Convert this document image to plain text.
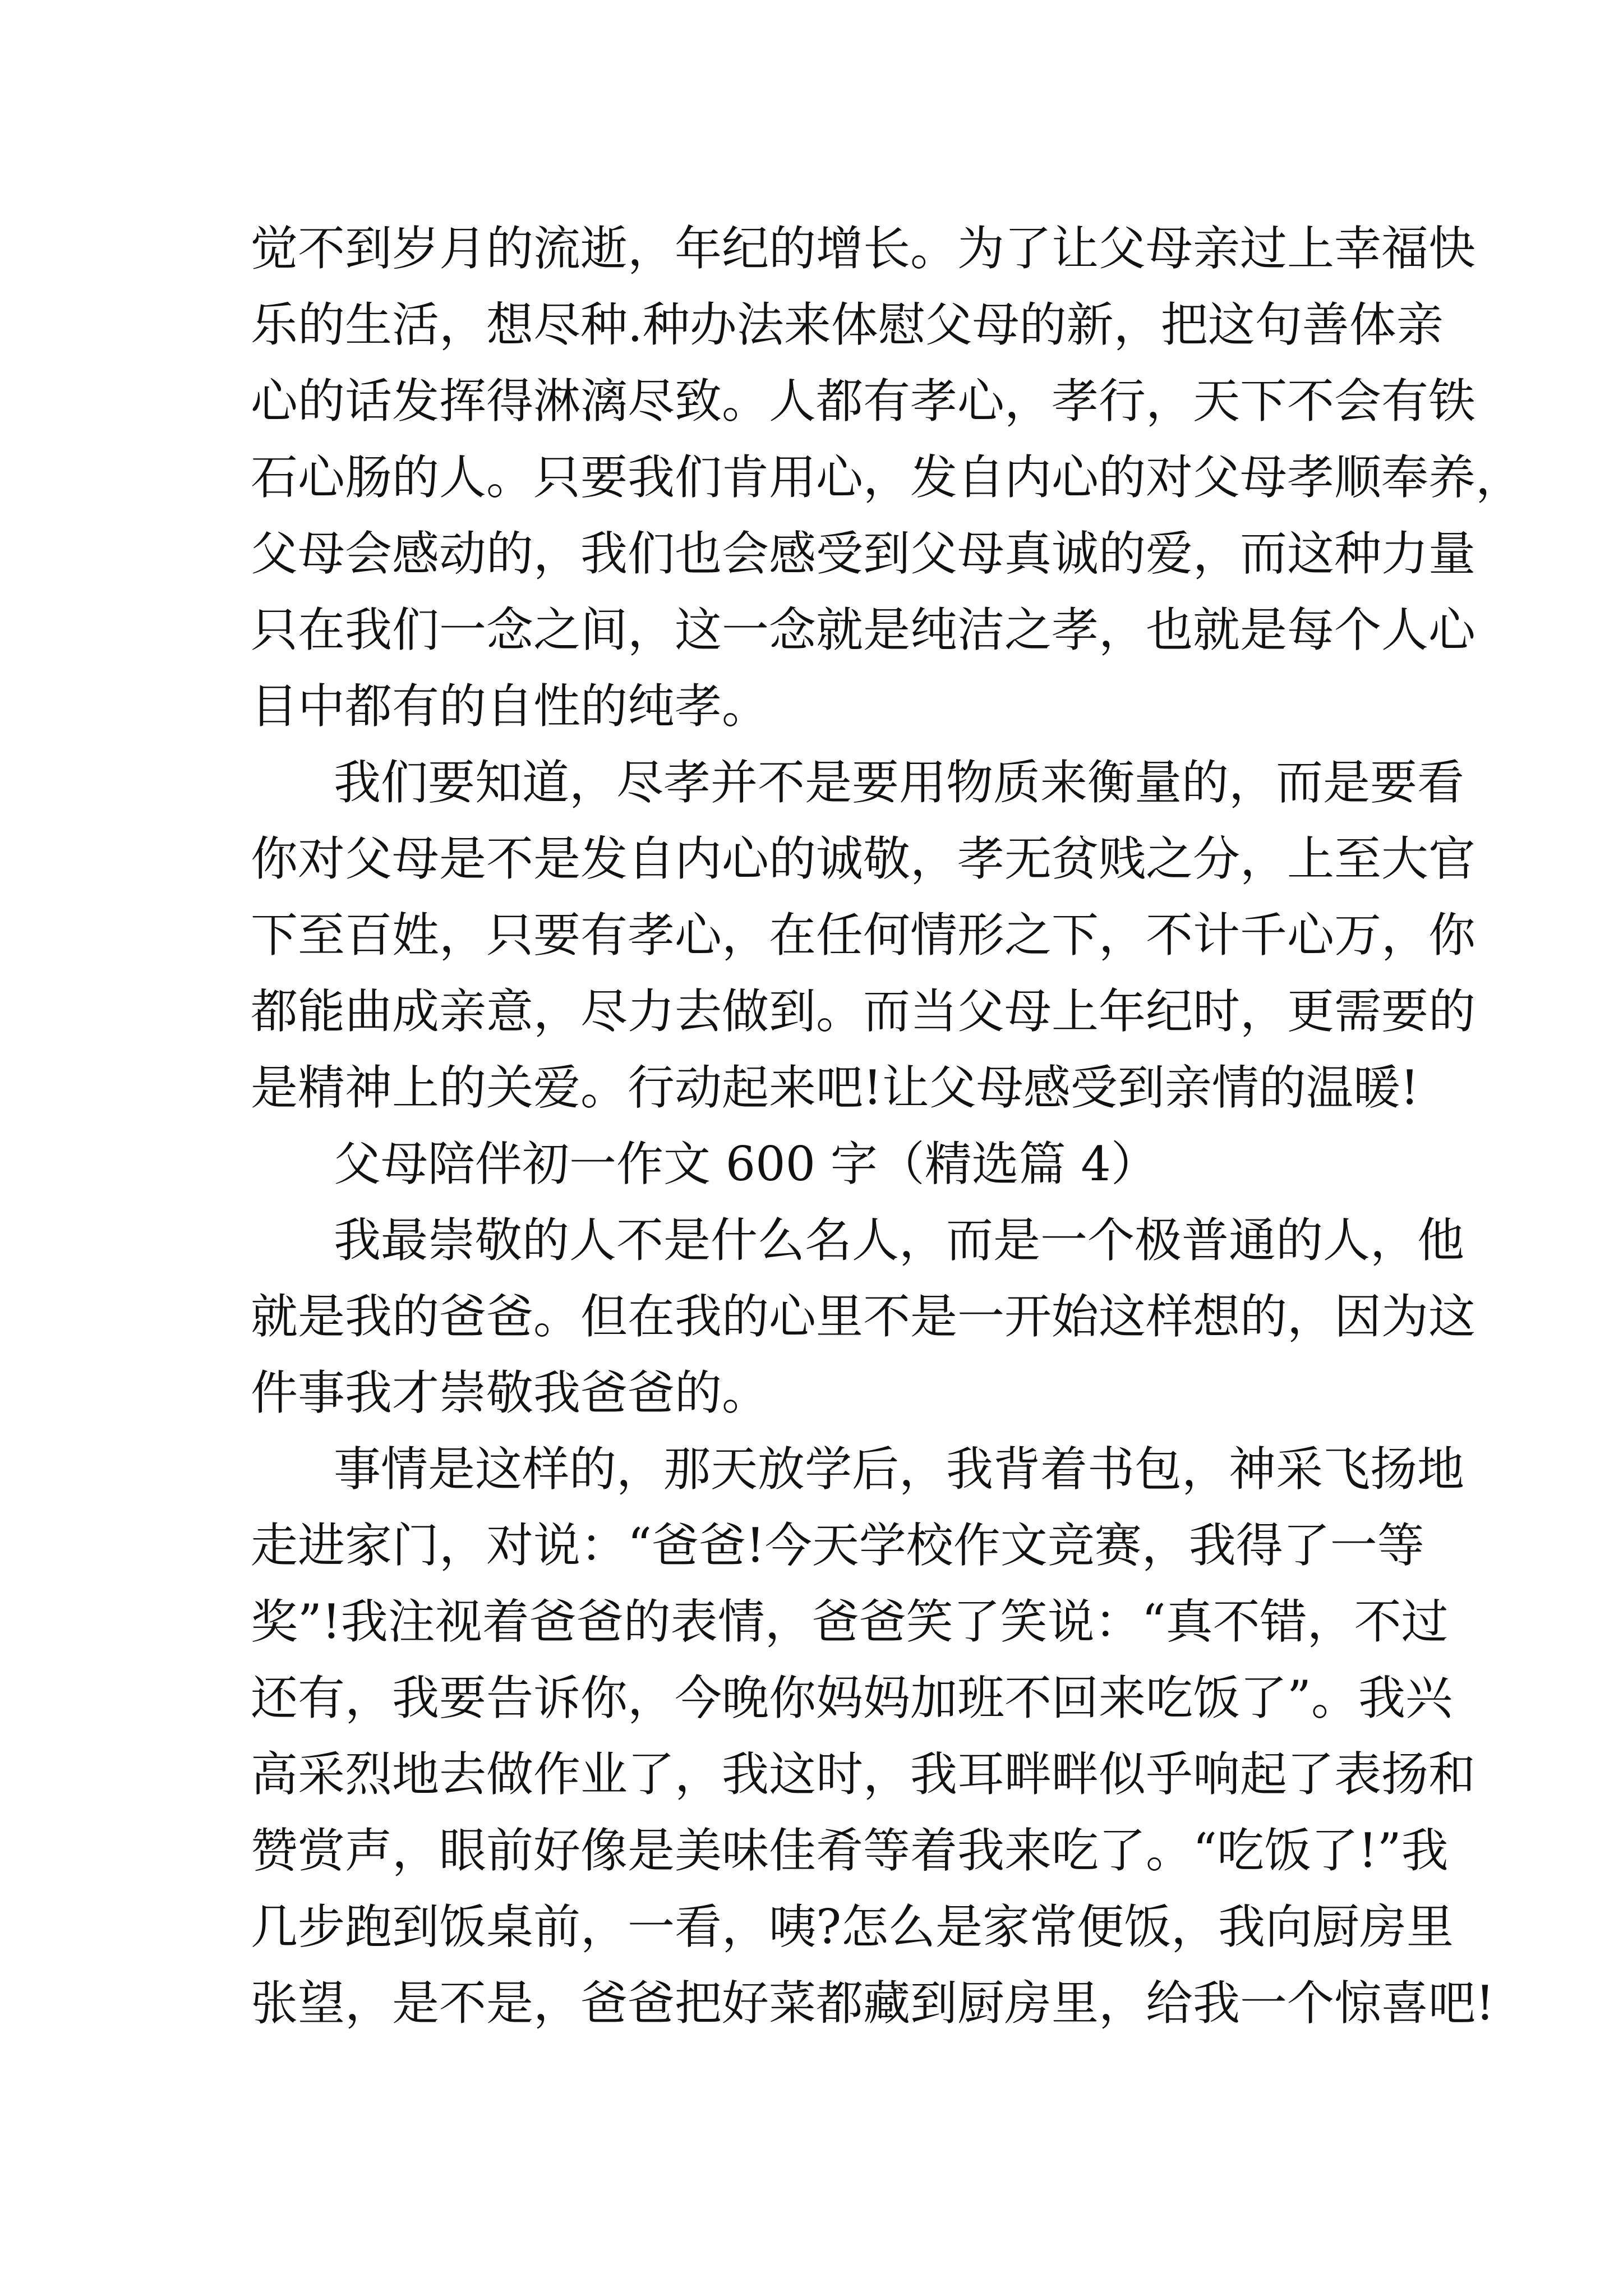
觉不到岁月的流逝，年纪的增长。为了让父母亲过上幸福快
乐的生活，想尽种.种办法来体慰父母的新，把这句善体亲
心的话发挥得淋漓尽致。人都有孝心，孝行，天下不会有铁
石心肠的人。只要我们肯用心，发自内心的对父母孝顺奉养，
父母会感动的，我们也会感受到父母真诚的爱，而这种力量
只在我们一念之间，这一念就是纯洁之孝，也就是每个人心
目中都有的自性的纯孝。
我们要知道，尽孝并不是要用物质来衡量的，而是要看
你对父母是不是发自内心的诚敬，孝无贫贱之分，上至大官
下至百姓，只要有孝心，在任何情形之下，不计千心万，你
都能曲成亲意，尽力去做到。而当父母上年纪时，更需要的
是精神上的关爱。行动起来吧!让父母感受到亲情的温暖!
父母陪伴初一作文 600 字（精选篇 4）
我最崇敬的人不是什么名人，而是一个极普通的人，他
就是我的爸爸。但在我的心里不是一开始这样想的，因为这
件事我才崇敬我爸爸的。
事情是这样的，那天放学后，我背着书包，神采飞扬地
走进家门，对说：“爸爸!今天学校作文竞赛，我得了一等
奖”!我注视着爸爸的表情，爸爸笑了笑说：“真不错，不过
还有，我要告诉你，今晚你妈妈加班不回来吃饭了”。我兴
高采烈地去做作业了，我这时，我耳畔畔似乎响起了表扬和
赞赏声，眼前好像是美味佳肴等着我来吃了。“吃饭了!”我
几步跑到饭桌前，一看，咦?怎么是家常便饭，我向厨房里
张望，是不是，爸爸把好菜都藏到厨房里，给我一个惊喜吧!
